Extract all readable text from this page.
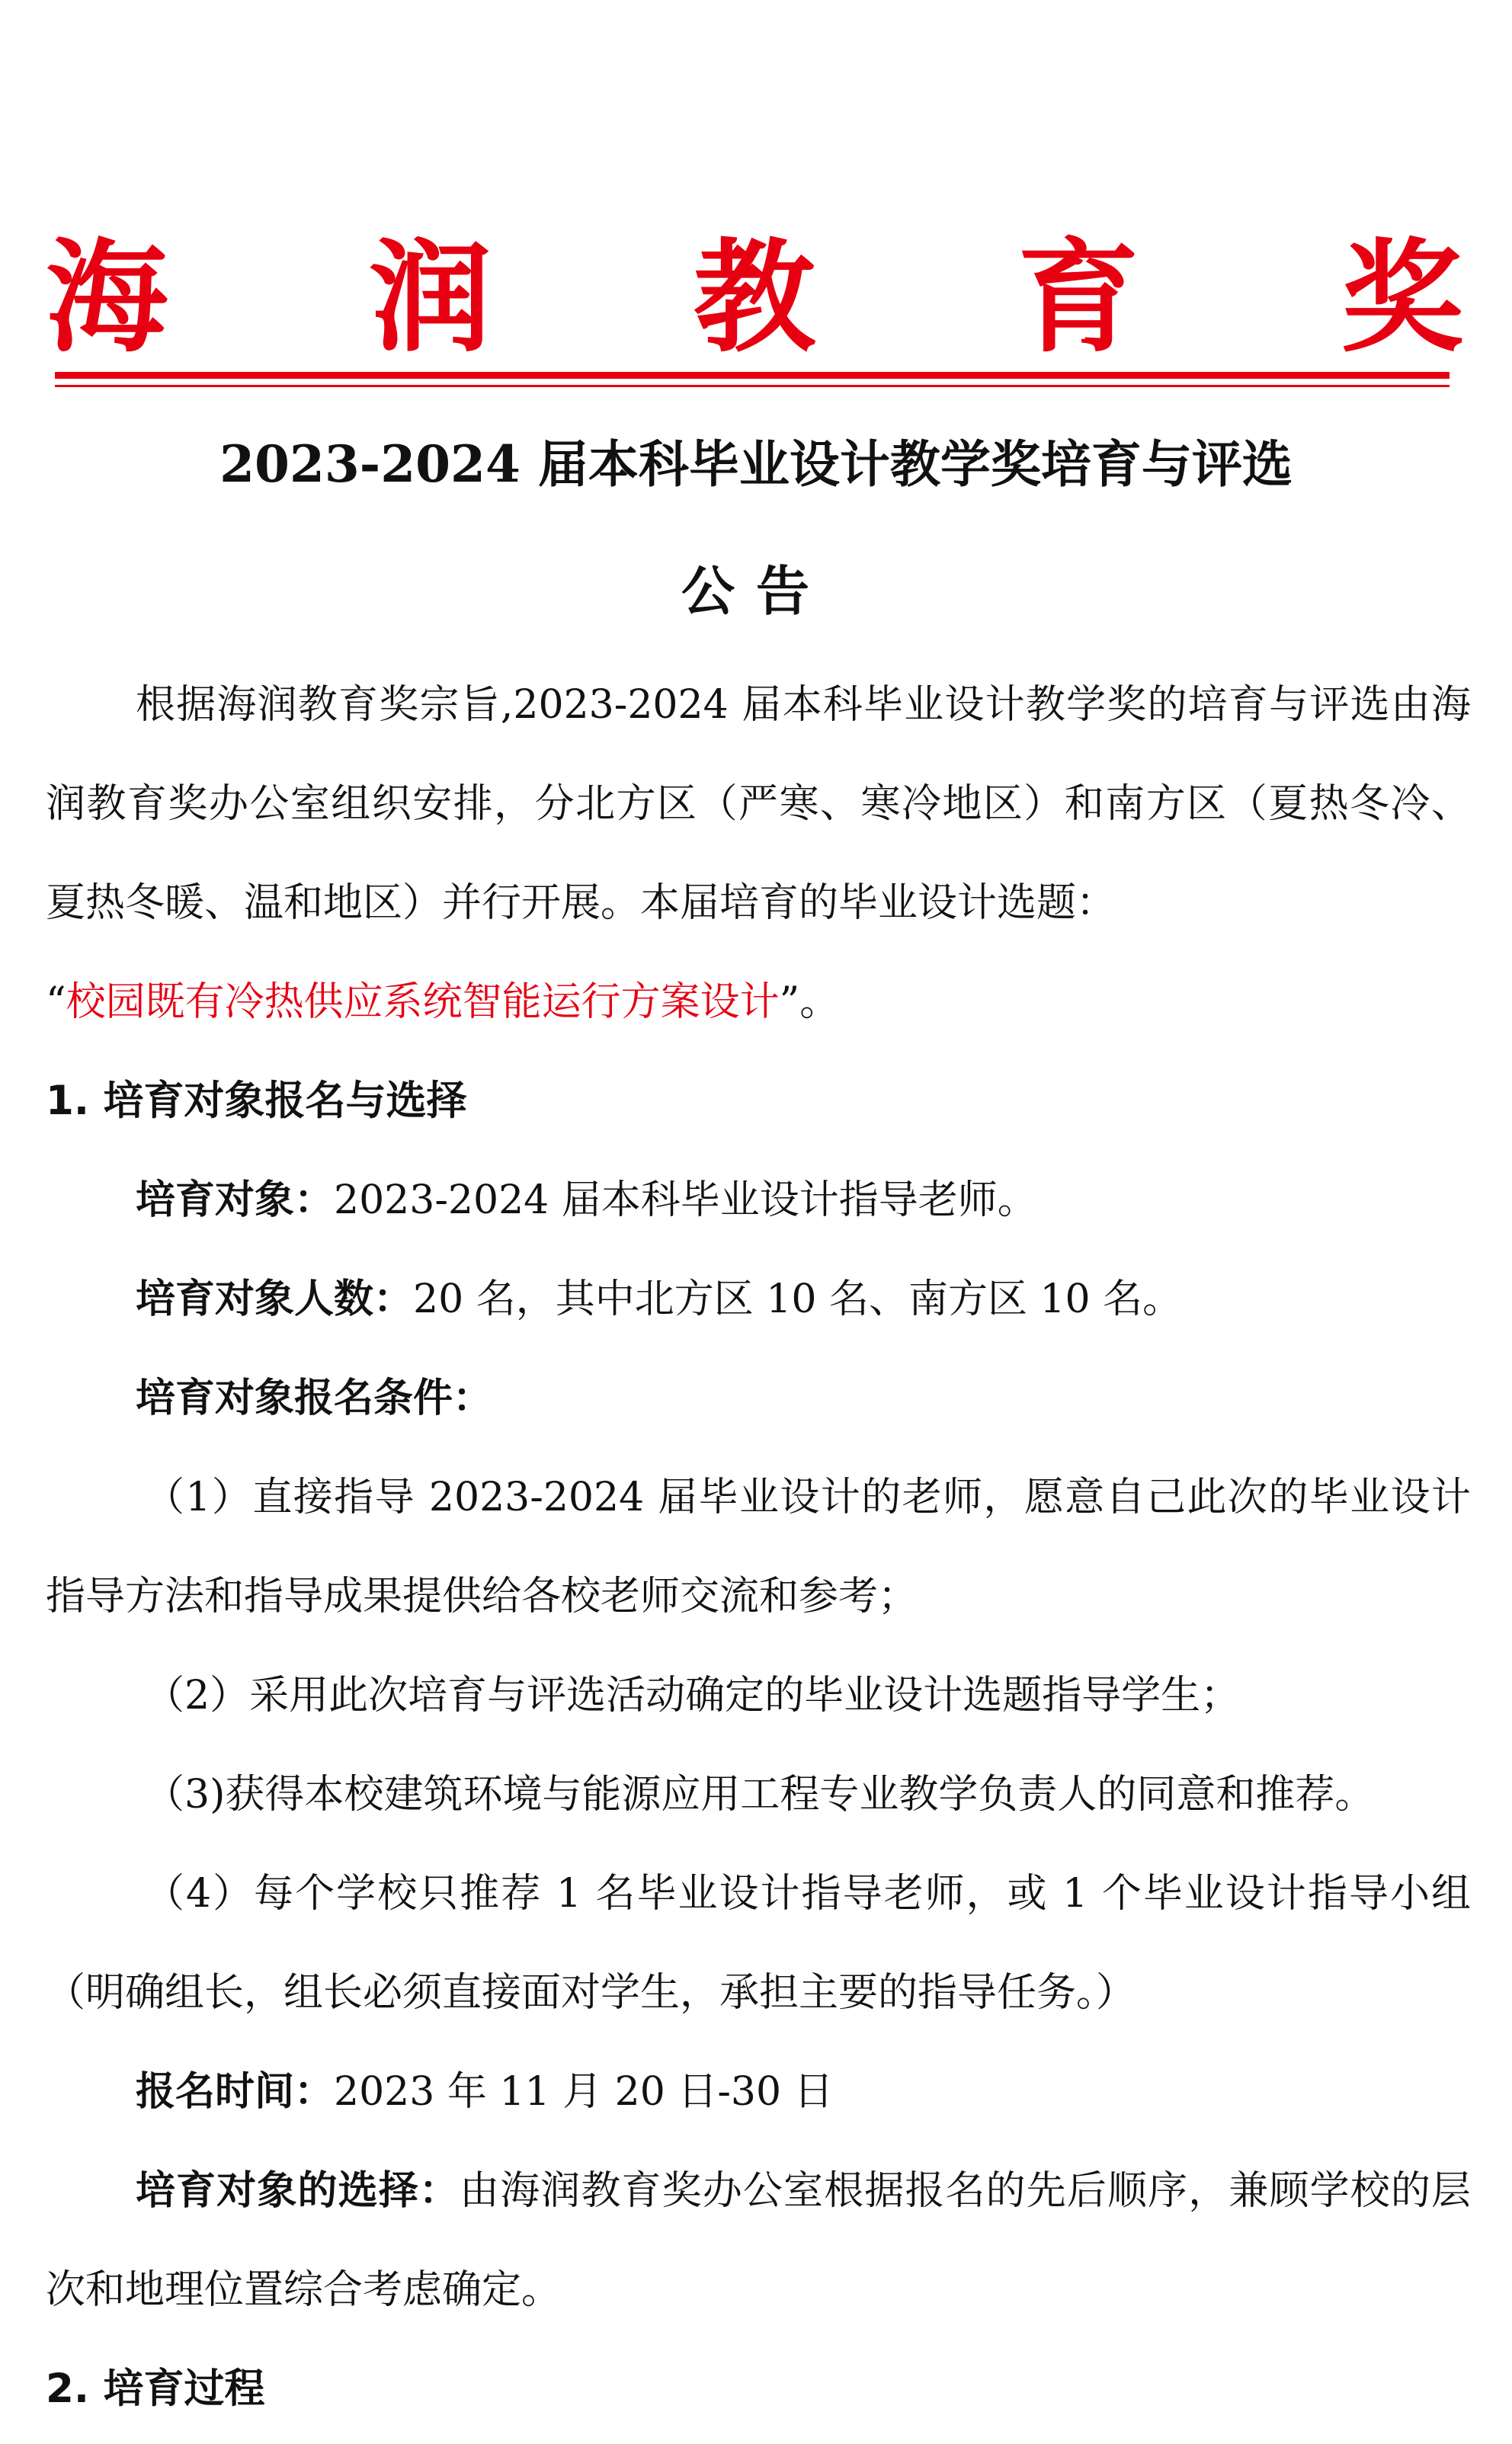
海 润 教 育 奖
2023-2024 届本科毕业设计教学奖培育与评选
公告

根据海润教育奖宗旨,2023-2024 届本科毕业设计教学奖的培育与评选由海润教育奖办公室组织安排，分北方区（严寒、寒冷地区）和南方区（夏热冬冷、夏热冬暖、温和地区）并行开展。本届培育的毕业设计选题：

“校园既有冷热供应系统智能运行方案设计”。

1. 培育对象报名与选择

培育对象：2023-2024 届本科毕业设计指导老师。

培育对象人数：20 名，其中北方区 10 名、南方区 10 名。

培育对象报名条件：

（1）直接指导 2023-2024 届毕业设计的老师，愿意自己此次的毕业设计指导方法和指导成果提供给各校老师交流和参考；

（2）采用此次培育与评选活动确定的毕业设计选题指导学生；

（3)获得本校建筑环境与能源应用工程专业教学负责人的同意和推荐。

（4）每个学校只推荐 1 名毕业设计指导老师，或 1 个毕业设计指导小组（明确组长，组长必须直接面对学生，承担主要的指导任务。）

报名时间：2023 年 11 月 20 日-30 日

培育对象的选择：由海润教育奖办公室根据报名的先后顺序，兼顾学校的层次和地理位置综合考虑确定。

2. 培育过程
